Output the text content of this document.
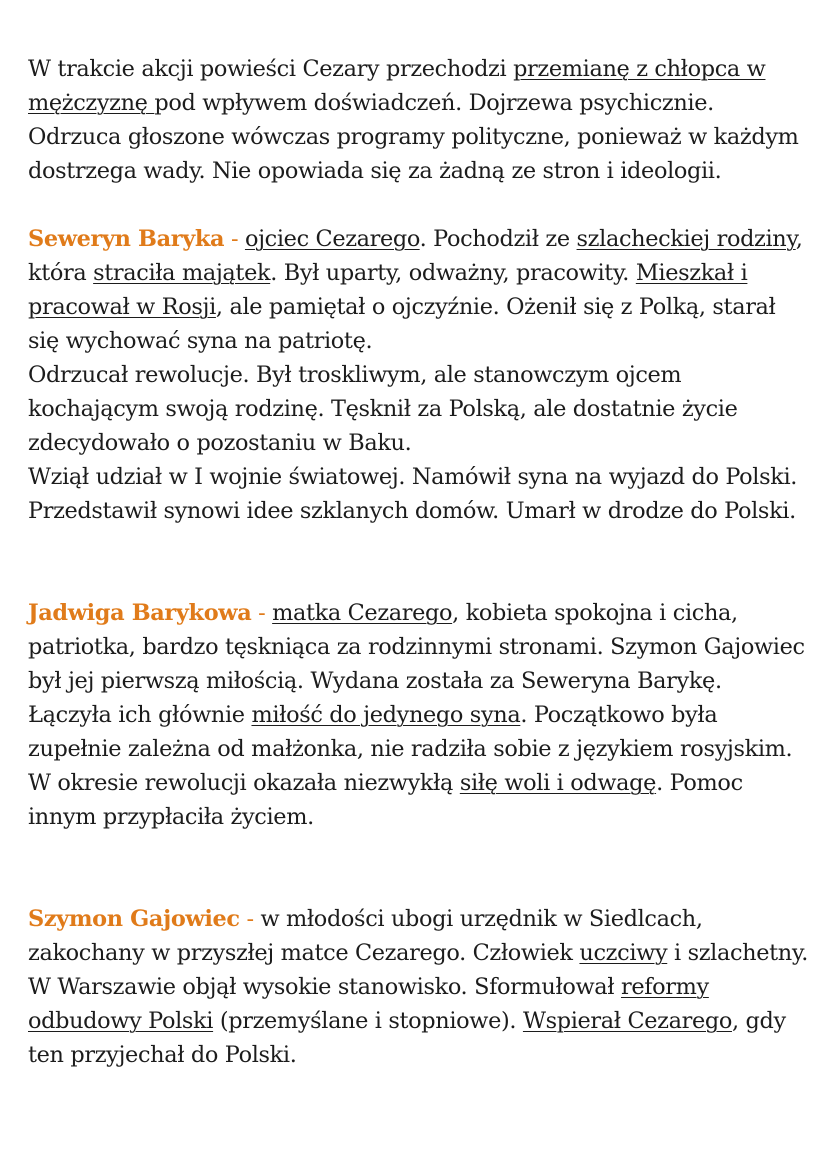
W trakcie akcji powieści Cezary przechodzi przemianę z chłopca w mężczyznę pod wpływem doświadczeń. Dojrzewa psychicznie. Odrzuca głoszone wówczas programy polityczne, ponieważ w każdym dostrzega wady. Nie opowiada się za żadną ze stron i ideologii.

Seweryn Baryka - ojciec Cezarego. Pochodził ze szlacheckiej rodziny, która straciła majątek. Był uparty, odważny, pracowity. Mieszkał i pracował w Rosji, ale pamiętał o ojczyźnie. Ożenił się z Polką, starał się wychować syna na patriotę.

Odrzucał rewolucje. Był troskliwym, ale stanowczym ojcem kochającym swoją rodzinę. Tęsknił za Polską, ale dostatnie życie zdecydowało o pozostaniu w Baku.

Wziął udział w I wojnie światowej. Namówił syna na wyjazd do Polski. Przedstawił synowi idee szklanych domów. Umarł w drodze do Polski.

Jadwiga Barykowa - matka Cezarego, kobieta spokojna i cicha, patriotka, bardzo tęskniąca za rodzinnymi stronami. Szymon Gajowiec był jej pierwszą miłością. Wydana została za Seweryna Barykę. Łączyła ich głównie miłość do jedynego syna. Początkowo była zupełnie zależna od małżonka, nie radziła sobie z językiem rosyjskim. W okresie rewolucji okazała niezwykłą siłę woli i odwagę. Pomoc innym przypłaciła życiem.

Szymon Gajowiec - w młodości ubogi urzędnik w Siedlcach, zakochany w przyszłej matce Cezarego. Człowiek uczciwy i szlachetny. W Warszawie objął wysokie stanowisko. Sformułował reformy odbudowy Polski (przemyślane i stopniowe). Wspierał Cezarego, gdy ten przyjechał do Polski.
